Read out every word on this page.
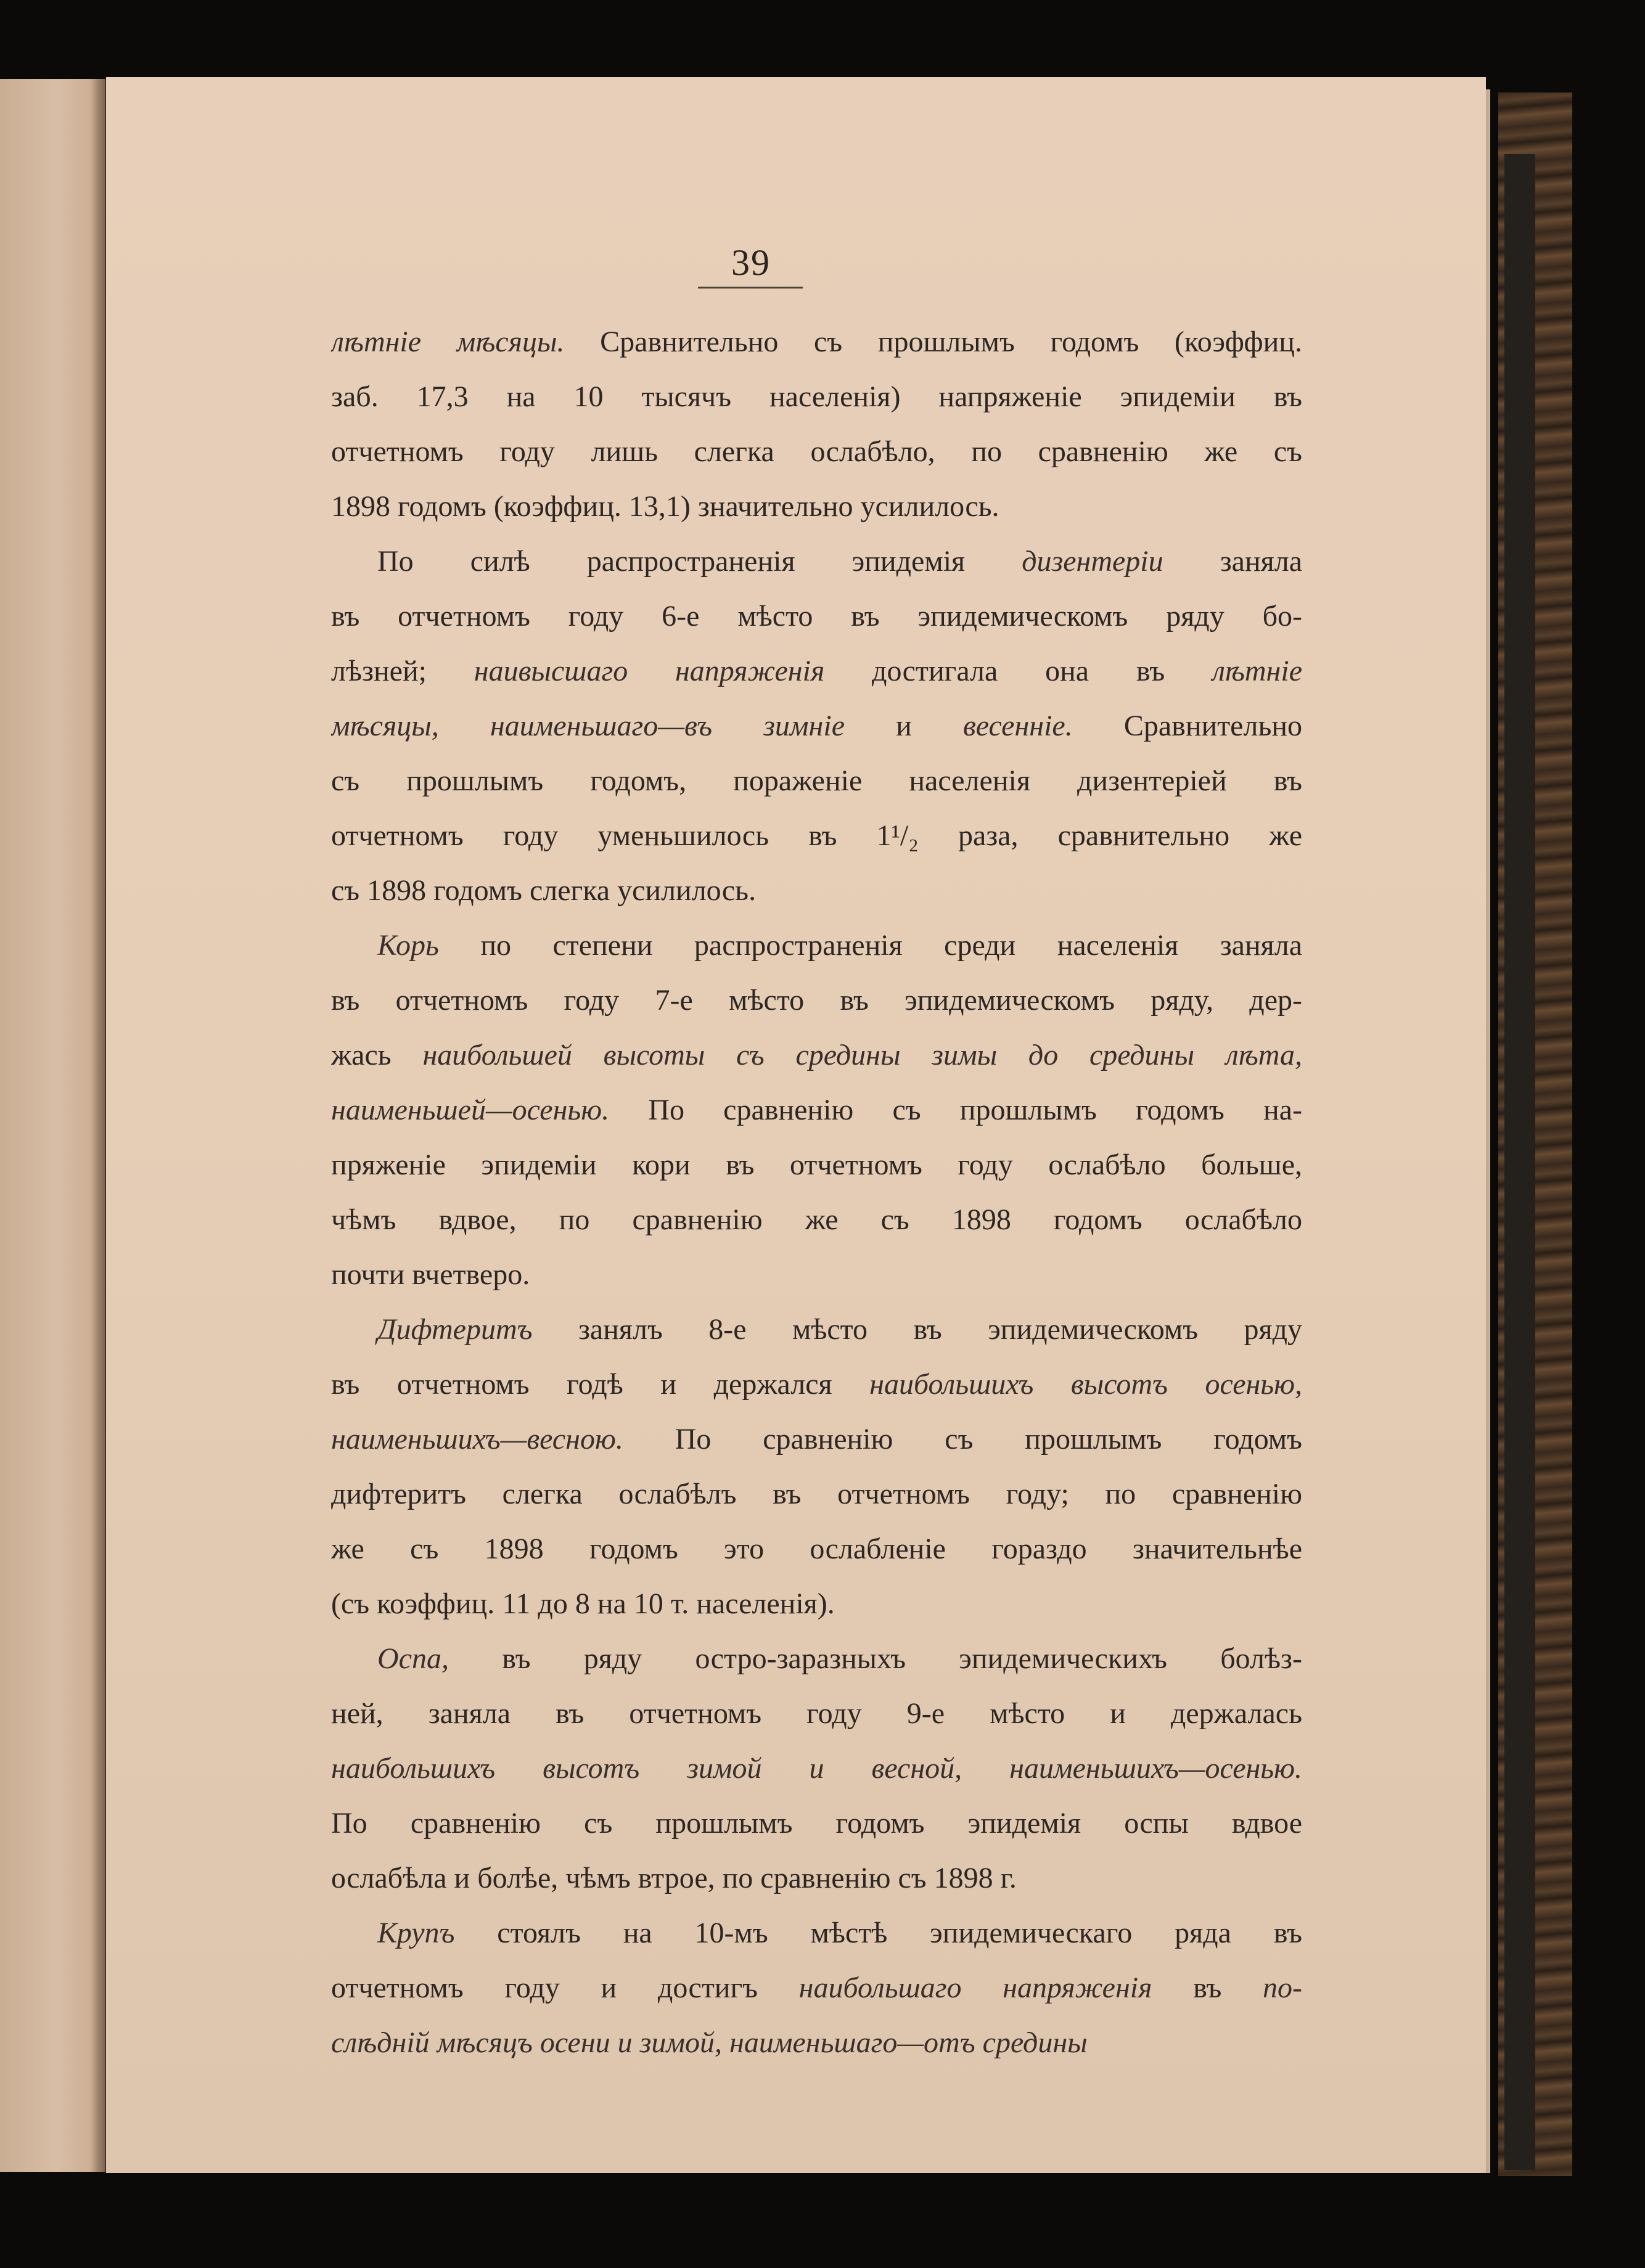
39
лѣтніе мѣсяцы. Сравнительно съ прошлымъ годомъ (коэффиц.
заб. 17,3 на 10 тысячъ населенія) напряженіе эпидеміи въ
отчетномъ году лишь слегка ослабѣло, по сравненію же съ
1898 годомъ (коэффиц. 13,1) значительно усилилось.
По силѣ распространенія эпидемія дизентеріи заняла
въ отчетномъ году 6-е мѣсто въ эпидемическомъ ряду бо-
лѣзней; наивысшаго напряженія достигала она въ лѣтніе
мѣсяцы, наименьшаго—въ зимніе и весенніе. Сравнительно
съ прошлымъ годомъ, пораженіе населенія дизентеріей въ
отчетномъ году уменьшилось въ 1¹/₂ раза, сравнительно же
съ 1898 годомъ слегка усилилось.
Корь по степени распространенія среди населенія заняла
въ отчетномъ году 7-е мѣсто въ эпидемическомъ ряду, дер-
жась наибольшей высоты съ средины зимы до средины лѣта,
наименьшей—осенью. По сравненію съ прошлымъ годомъ на-
пряженіе эпидеміи кори въ отчетномъ году ослабѣло больше,
чѣмъ вдвое, по сравненію же съ 1898 годомъ ослабѣло
почти вчетверо.
Дифтеритъ занялъ 8-е мѣсто въ эпидемическомъ ряду
въ отчетномъ годѣ и держался наибольшихъ высотъ осенью,
наименьшихъ—весною. По сравненію съ прошлымъ годомъ
дифтеритъ слегка ослабѣлъ въ отчетномъ году; по сравненію
же съ 1898 годомъ это ослабленіе гораздо значительнѣе
(съ коэффиц. 11 до 8 на 10 т. населенія).
Оспа, въ ряду остро-заразныхъ эпидемическихъ болѣз-
ней, заняла въ отчетномъ году 9-е мѣсто и держалась
наибольшихъ высотъ зимой и весной, наименьшихъ—осенью.
По сравненію съ прошлымъ годомъ эпидемія оспы вдвое
ослабѣла и болѣе, чѣмъ втрое, по сравненію съ 1898 г.
Крупъ стоялъ на 10-мъ мѣстѣ эпидемическаго ряда въ
отчетномъ году и достигъ наибольшаго напряженія въ по-
слѣдній мѣсяцъ осени и зимой, наименьшаго—отъ средины
